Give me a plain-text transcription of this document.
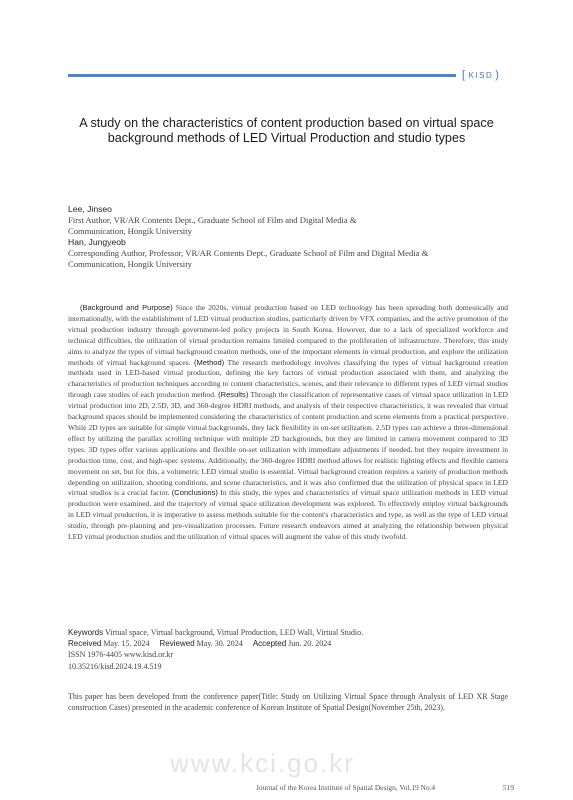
[ KISD )
A study on the characteristics of content production based on virtual space
background methods of LED Virtual Production and studio types
Lee, Jinseo
First Author, VR/AR Contents Dept., Graduate School of Film and Digital Media &
Communication, Hongik University
Han, Jungyeob
Corresponding Author, Professor, VR/AR Contents Dept., Graduate School of Film and Digital Media &
Communication, Hongik University
(Background and Purpose) Since the 2020s, virtual production based on LED technology has been spreading both domestically and internationally, with the establishment of LED virtual production studios, particularly driven by VFX companies, and the active promotion of the virtual production industry through government-led policy projects in South Korea. However, due to a lack of specialized workforce and technical difficulties, the utilization of virtual production remains limited compared to the proliferation of infrastructure. Therefore, this study aims to analyze the types of virtual background creation methods, one of the important elements in virtual production, and explore the utilization methods of virtual background spaces. (Method) The research methodology involves classifying the types of virtual background creation methods used in LED-based virtual production, defining the key factors of virtual production associated with them, and analyzing the characteristics of production techniques according to content characteristics, scenes, and their relevance to different types of LED virtual studios through case studies of each production method. (Results) Through the classification of representative cases of virtual space utilization in LED virtual production into 2D, 2.5D, 3D, and 360-degree HDRI methods, and analysis of their respective characteristics, it was revealed that virtual background spaces should be implemented considering the characteristics of content production and scene elements from a practical perspective. While 2D types are suitable for simple virtual backgrounds, they lack flexibility in on-set utilization. 2.5D types can achieve a three-dimensional effect by utilizing the parallax scrolling technique with multiple 2D backgrounds, but they are limited in camera movement compared to 3D types. 3D types offer various applications and flexible on-set utilization with immediate adjustments if needed, but they require investment in production time, cost, and high-spec systems. Additionally, the 360-degree HDRI method allows for realistic lighting effects and flexible camera movement on set, but for this, a volumetric LED virtual studio is essential. Virtual background creation requires a variety of production methods depending on utilization, shooting conditions, and scene characteristics, and it was also confirmed that the utilization of physical space in LED virtual studios is a crucial factor. (Conclusions) In this study, the types and characteristics of virtual space utilization methods in LED virtual production were examined, and the trajectory of virtual space utilization development was explored. To effectively employ virtual backgrounds in LED virtual production, it is imperative to assess methods suitable for the content's characteristics and type, as well as the type of LED virtual studio, through pre-planning and pre-visualization processes. Future research endeavors aimed at analyzing the relationship between physical LED virtual production studios and the utilization of virtual spaces will augment the value of this study twofold.
Keywords Virtual space, Virtual background, Virtual Production, LED Wall, Virtual Studio.
Received May. 15. 2024 Reviewed May. 30. 2024 Accepted Jun. 20. 2024
ISSN 1976-4405 www.kisd.or.kr
10.35216/kisd.2024.19.4.519
This paper has been developed from the conference paper(Title: Study on Utilizing Virtual Space through Analysis of LED XR Stage construction Cases) presented in the academic conference of Korean Institute of Spatial Design(November 25th, 2023).
www.kci.go.kr
Journal of the Korea Institute of Spatial Design, Vol.19 No.4	519
